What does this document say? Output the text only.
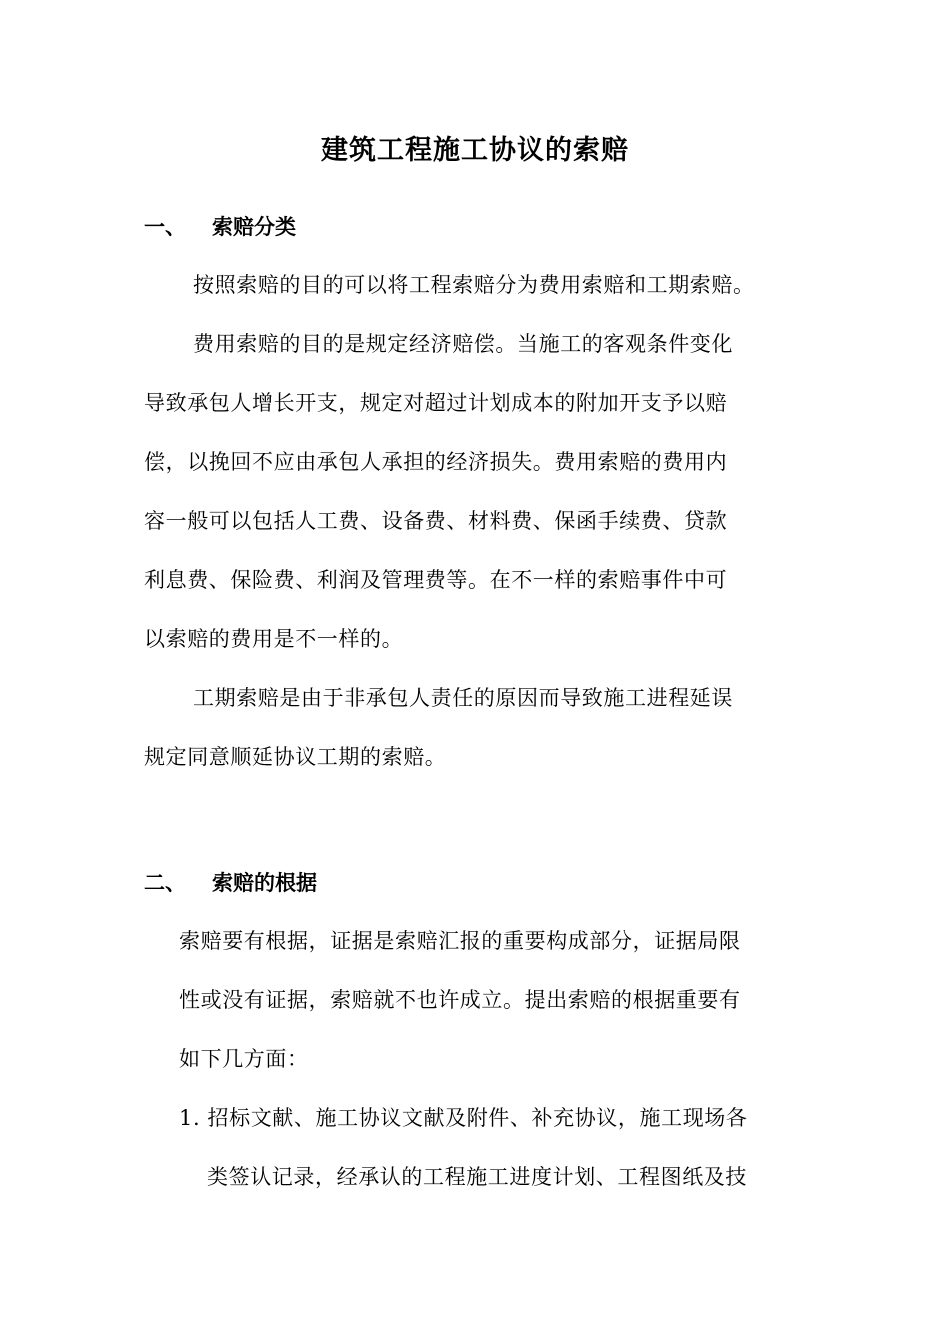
建筑工程施工协议的索赔
一、 索赔分类
按照索赔的目的可以将工程索赔分为费用索赔和工期索赔。
费用索赔的目的是规定经济赔偿。当施工的客观条件变化
导致承包人增长开支，规定对超过计划成本的附加开支予以赔
偿，以挽回不应由承包人承担的经济损失。费用索赔的费用内
容一般可以包括人工费、设备费、材料费、保函手续费、贷款
利息费、保险费、利润及管理费等。在不一样的索赔事件中可
以索赔的费用是不一样的。
工期索赔是由于非承包人责任的原因而导致施工进程延误
规定同意顺延协议工期的索赔。
二、 索赔的根据
索赔要有根据，证据是索赔汇报的重要构成部分，证据局限
性或没有证据，索赔就不也许成立。提出索赔的根据重要有
如下几方面：
1. 招标文献、施工协议文献及附件、补充协议，施工现场各
类签认记录，经承认的工程施工进度计划、工程图纸及技
